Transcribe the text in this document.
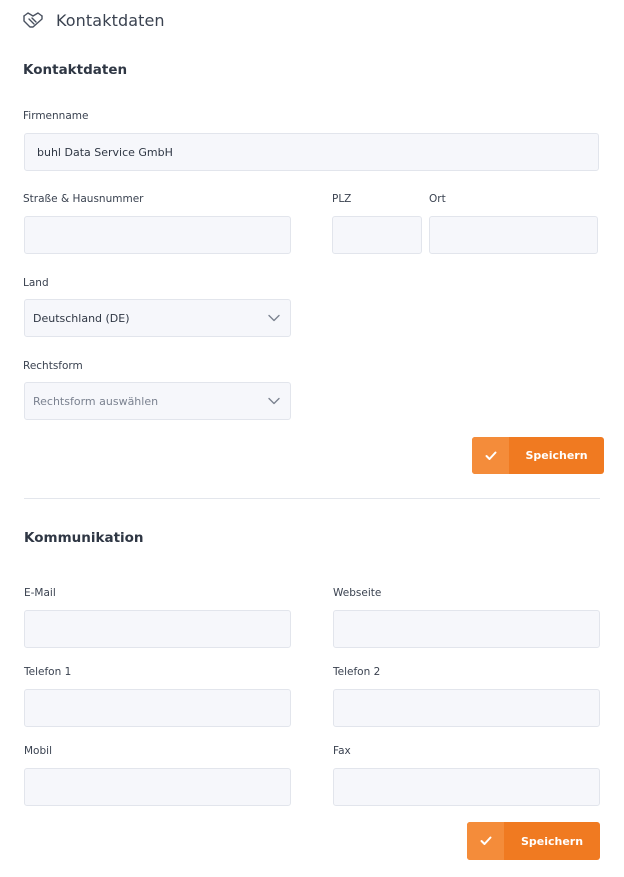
Kontaktdaten
Kontaktdaten
Firmenname
buhl Data Service GmbH
Straße & Hausnummer	PLZ	Ort
Land
Deutschland (DE)
Rechtsform
Rechtsform auswählen
Speichern
Kommunikation
E-Mail	Webseite
Telefon 1	Telefon 2
Mobil	Fax
Speichern
